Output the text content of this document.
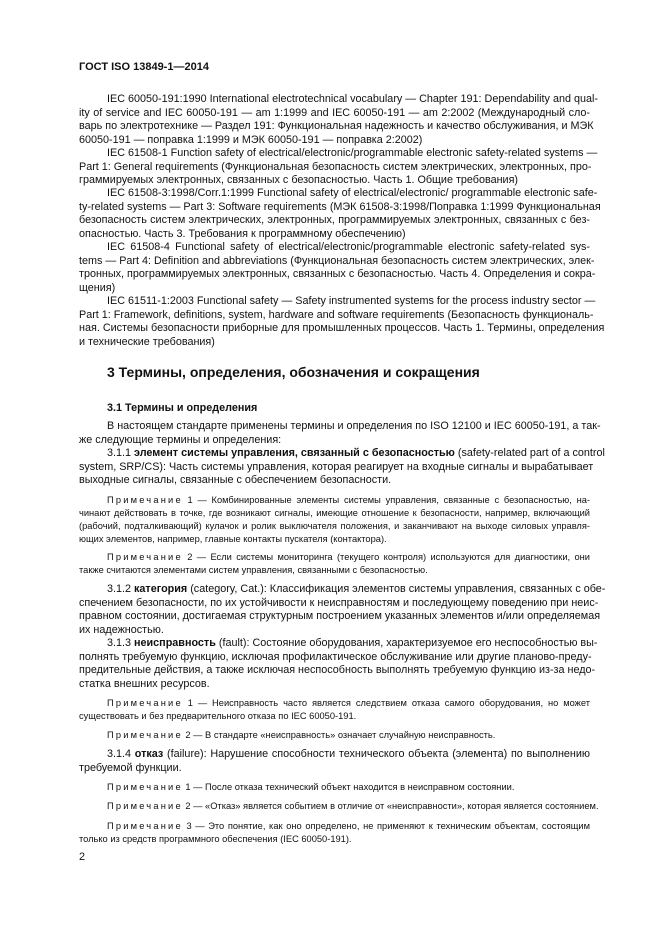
ГОСТ ISO 13849-1—2014
IEC 60050-191:1990 International electrotechnical vocabulary — Chapter 191: Dependability and qual-
ity of service and IEC 60050-191 — am 1:1999 and IEC 60050-191 — am 2:2002 (Международный сло-
варь по электротехнике — Раздел 191: Функциональная надежность и качество обслуживания, и МЭК
60050-191 — поправка 1:1999 и МЭК 60050-191 — поправка 2:2002)
IEC 61508-1 Function safety of electrical/electronic/programmable electronic safety-related systems —
Part 1: General requirements (Функциональная безопасность систем электрических, электронных, про-
граммируемых электронных, связанных с безопасностью. Часть 1. Общие требования)
IEC 61508-3:1998/Corr.1:1999 Functional safety of electrical/electronic/ programmable electronic safe-
ty-related systems — Part 3: Software requirements (МЭК 61508-3:1998/Поправка 1:1999 Функциональная
безопасность систем электрических, электронных, программируемых электронных, связанных с без-
опасностью. Часть 3. Требования к программному обеспечению)
IEC 61508-4 Functional safety of electrical/electronic/programmable electronic safety-related sys-
tems — Part 4: Definition and abbreviations (Функциональная безопасность систем электрических, элек-
тронных, программируемых электронных, связанных с безопасностью. Часть 4. Определения и сокра-
щения)
IEC 61511-1:2003 Functional safety — Safety instrumented systems for the process industry sector —
Part 1: Framework, definitions, system, hardware and software requirements (Безопасность функциональ-
ная. Системы безопасности приборные для промышленных процессов. Часть 1. Термины, определения
и технические требования)
3 Термины, определения, обозначения и сокращения
3.1 Термины и определения
В настоящем стандарте применены термины и определения по ISO 12100 и IEC 60050-191, а так-
же следующие термины и определения:
3.1.1 элемент системы управления, связанный с безопасностью (safety-related part of a control
system, SRP/CS): Часть системы управления, которая реагирует на входные сигналы и вырабатывает
выходные сигналы, связанные с обеспечением безопасности.
Примечание 1 — Комбинированные элементы системы управления, связанные с безопасностью, на-
чинают действовать в точке, где возникают сигналы, имеющие отношение к безопасности, например, включающий
(рабочий, подталкивающий) кулачок и ролик выключателя положения, и заканчивают на выходе силовых управля-
ющих элементов, например, главные контакты пускателя (контактора).
Примечание 2 — Если системы мониторинга (текущего контроля) используются для диагностики, они
также считаются элементами систем управления, связанными с безопасностью.
3.1.2 категория (category, Cat.): Классификация элементов системы управления, связанных с обе-
спечением безопасности, по их устойчивости к неисправностям и последующему поведению при неис-
правном состоянии, достигаемая структурным построением указанных элементов и/или определяемая
их надежностью.
3.1.3 неисправность (fault): Состояние оборудования, характеризуемое его неспособностью вы-
полнять требуемую функцию, исключая профилактическое обслуживание или другие планово-преду-
предительные действия, а также исключая неспособность выполнять требуемую функцию из-за недо-
статка внешних ресурсов.
Примечание 1 — Неисправность часто является следствием отказа самого оборудования, но может
существовать и без предварительного отказа по IEC 60050-191.
Примечание 2 — В стандарте «неисправность» означает случайную неисправность.
3.1.4 отказ (failure): Нарушение способности технического объекта (элемента) по выполнению
требуемой функции.
Примечание 1 — После отказа технический объект находится в неисправном состоянии.
Примечание 2 — «Отказ» является событием в отличие от «неисправности», которая является состоянием.
Примечание 3 — Это понятие, как оно определено, не применяют к техническим объектам, состоящим
только из средств программного обеспечения (IEC 60050-191).
2
